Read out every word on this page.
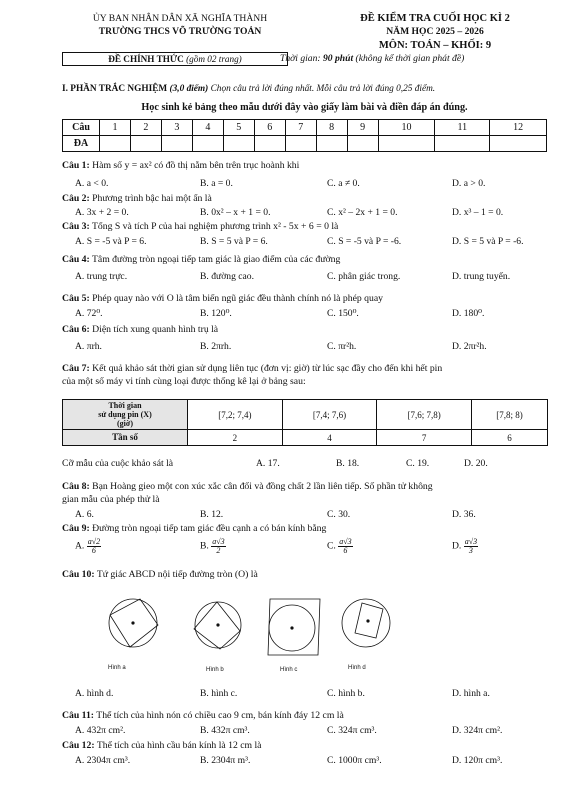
ỦY BAN NHÂN DÂN XÃ NGHĨA THÀNH
TRƯỜNG THCS VÕ TRƯỜNG TOẢN
ĐỀ CHÍNH THỨC (gồm 02 trang)
ĐỀ KIỂM TRA CUỐI HỌC KÌ 2
NĂM HỌC 2025 – 2026
MÔN: TOÁN – KHỐI: 9
Thời gian: 90 phút (không kể thời gian phát đề)
I. PHẦN TRẮC NGHIỆM (3,0 điểm) Chọn câu trả lời đúng nhất. Mỗi câu trả lời đúng 0,25 điểm.
Học sinh kẻ bảng theo mẫu dưới đây vào giấy làm bài và điền đáp án đúng.
Câu	1	2	3	4	5	6	7	8	9	10	11	12
ĐA												
Câu 1: Hàm số y = ax² có đồ thị nằm bên trên trục hoành khi
A. a < 0.	B. a = 0.	C. a ≠ 0.	D. a > 0.
Câu 2: Phương trình bậc hai một ẩn là
A. 3x + 2 = 0.	B. 0x² – x + 1 = 0.	C. x² – 2x + 1 = 0.	D. x³ – 1 = 0.
Câu 3: Tổng S và tích P của hai nghiệm phương trình x² - 5x + 6 = 0 là
A. S = -5 và P = 6.	B. S = 5 và P = 6.	C. S = -5 và P = -6.	D. S = 5 và P = -6.
Câu 4: Tâm đường tròn ngoại tiếp tam giác là giao điểm của các đường
A. trung trực.	B. đường cao.	C. phân giác trong.	D. trung tuyến.
Câu 5: Phép quay nào với O là tâm biến ngũ giác đều thành chính nó là phép quay
A. 72⁰.	B. 120⁰.	C. 150⁰.	D. 180⁰.
Câu 6: Diện tích xung quanh hình trụ là
A. πrh.	B. 2πrh.	C. πr²h.	D. 2πr²h.
Câu 7: Kết quả khảo sát thời gian sử dụng liên tục (đơn vị: giờ) từ lúc sạc đầy cho đến khi hết pin
của một số máy vi tính cùng loại được thống kê lại ở bảng sau:
Thời gian
sử dụng pin (X)
(giờ)	[7,2; 7,4)	[7,4; 7,6)	[7,6; 7,8)	[7,8; 8)
Tần số	2	4	7	6
Cỡ mẫu của cuộc khảo sát là	A. 17.	B. 18.	C. 19.	D. 20.
Câu 8: Bạn Hoàng gieo một con xúc xắc cân đối và đồng chất 2 lần liên tiếp. Số phần tử không
gian mẫu của phép thử là
A. 6.	B. 12.	C. 30.	D. 36.
Câu 9: Đường tròn ngoại tiếp tam giác đều cạnh a có bán kính bằng
A. $\frac{a√2}{6}$	B. $\frac{a√3}{2}$	C. $\frac{a√3}{6}$	D. $\frac{a√3}{3}$
Câu 10: Tứ giác ABCD nội tiếp đường tròn (O) là
Hình a	Hình b	Hình c	Hình d
A. hình d.	B. hình c.	C. hình b.	D. hình a.
Câu 11: Thể tích của hình nón có chiều cao 9 cm, bán kính đáy 12 cm là
A. 432π cm².	B. 432π cm³.	C. 324π cm³.	D. 324π cm².
Câu 12: Thể tích của hình cầu bán kính là 12 cm là
A. 2304π cm³.	B. 2304π m³.	C. 1000π cm³.	D. 120π cm³.
